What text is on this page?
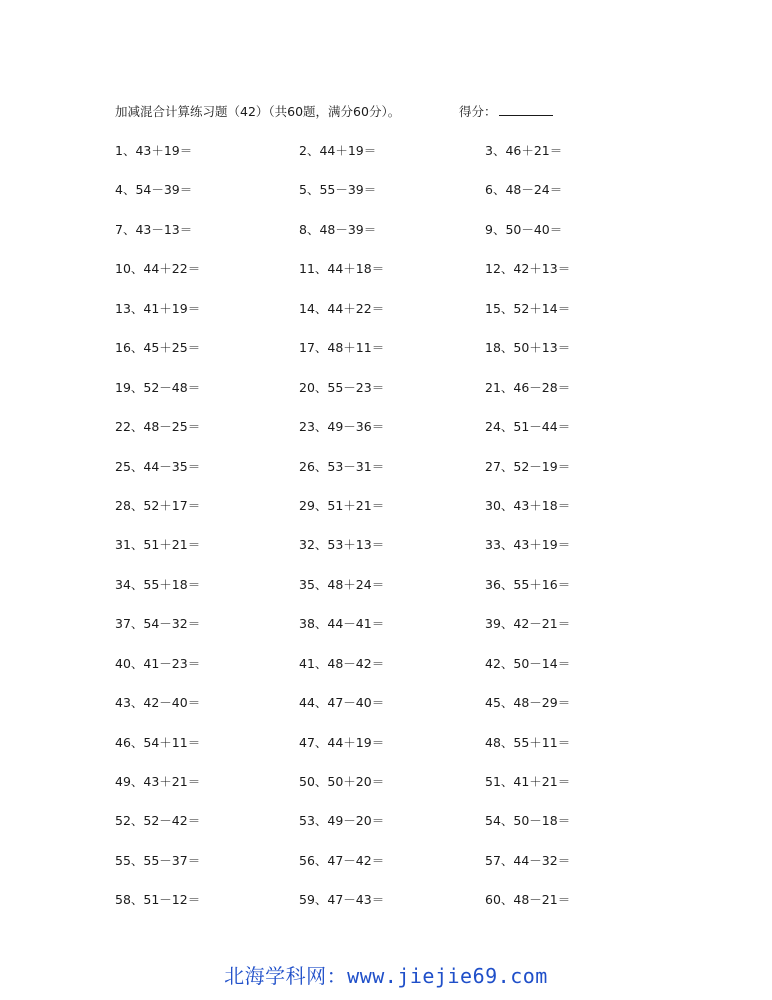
加减混合计算练习题（42）（共60题，满分60分）。	得分：
1、43＋19＝	2、44＋19＝	3、46＋21＝
4、54－39＝	5、55－39＝	6、48－24＝
7、43－13＝	8、48－39＝	9、50－40＝
10、44＋22＝	11、44＋18＝	12、42＋13＝
13、41＋19＝	14、44＋22＝	15、52＋14＝
16、45＋25＝	17、48＋11＝	18、50＋13＝
19、52－48＝	20、55－23＝	21、46－28＝
22、48－25＝	23、49－36＝	24、51－44＝
25、44－35＝	26、53－31＝	27、52－19＝
28、52＋17＝	29、51＋21＝	30、43＋18＝
31、51＋21＝	32、53＋13＝	33、43＋19＝
34、55＋18＝	35、48＋24＝	36、55＋16＝
37、54－32＝	38、44－41＝	39、42－21＝
40、41－23＝	41、48－42＝	42、50－14＝
43、42－40＝	44、47－40＝	45、48－29＝
46、54＋11＝	47、44＋19＝	48、55＋11＝
49、43＋21＝	50、50＋20＝	51、41＋21＝
52、52－42＝	53、49－20＝	54、50－18＝
55、55－37＝	56、47－42＝	57、44－32＝
58、51－12＝	59、47－43＝	60、48－21＝
北海学科网：www.jiejie69.com
